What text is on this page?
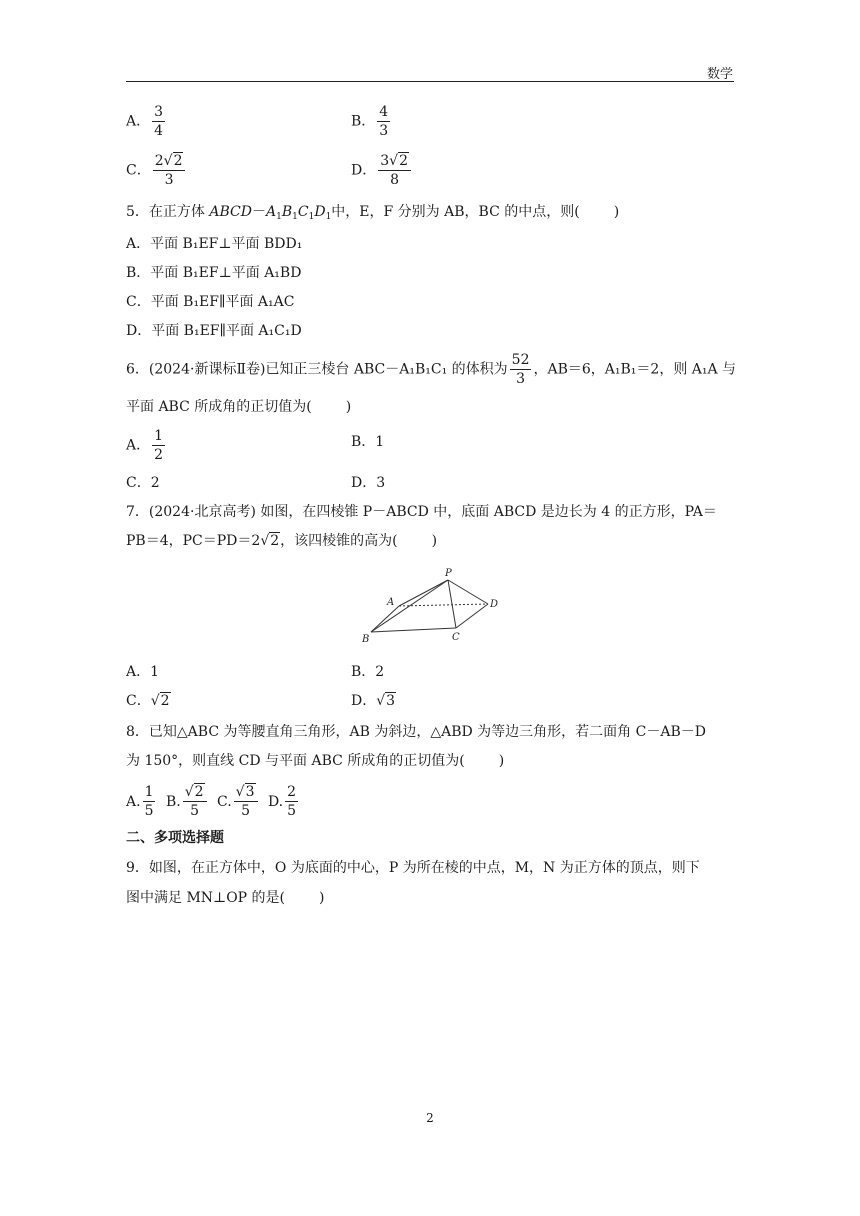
数学
A． $\frac{3}{4}$	B． $\frac{4}{3}$
C． $\frac{2√2}{3}$	D． $\frac{3√2}{8}$
5．在正方体 $ABCD-A_1B_1C_1D_1$中，E，F 分别为 AB，BC 的中点，则( )
A．平面 B₁EF⊥平面 BDD₁
B．平面 B₁EF⊥平面 A₁BD
C．平面 B₁EF∥平面 A₁AC
D．平面 B₁EF∥平面 A₁C₁D
6．(2024·新课标Ⅱ卷)已知正三棱台 ABC－A₁B₁C₁ 的体积为 $\frac{52}{3}$ ，AB＝6，A₁B₁＝2，则 A₁A 与
平面 ABC 所成角的正切值为( )
A． $\frac{1}{2}$	B．1
C．2	D．3
7．(2024·北京高考) 如图，在四棱锥 P－ABCD 中，底面 ABCD 是边长为 4 的正方形，PA＝
PB＝4，PC＝PD＝2√2，该四棱锥的高为( )
P
A
B	C
D
A．1	B．2
C．√2	D．√3
8．已知△ABC 为等腰直角三角形，AB 为斜边，△ABD 为等边三角形，若二面角 C－AB－D
为 150°，则直线 CD 与平面 ABC 所成角的正切值为( )
A. $\frac{1}{5} B$. $\frac{√2}{5} C$. $\frac{√3}{5} D$. $\frac{2}{5}$
二、多项选择题
9．如图，在正方体中，O 为底面的中心，P 为所在棱的中点，M，N 为正方体的顶点，则下
图中满足 MN⊥OP 的是( )
2
